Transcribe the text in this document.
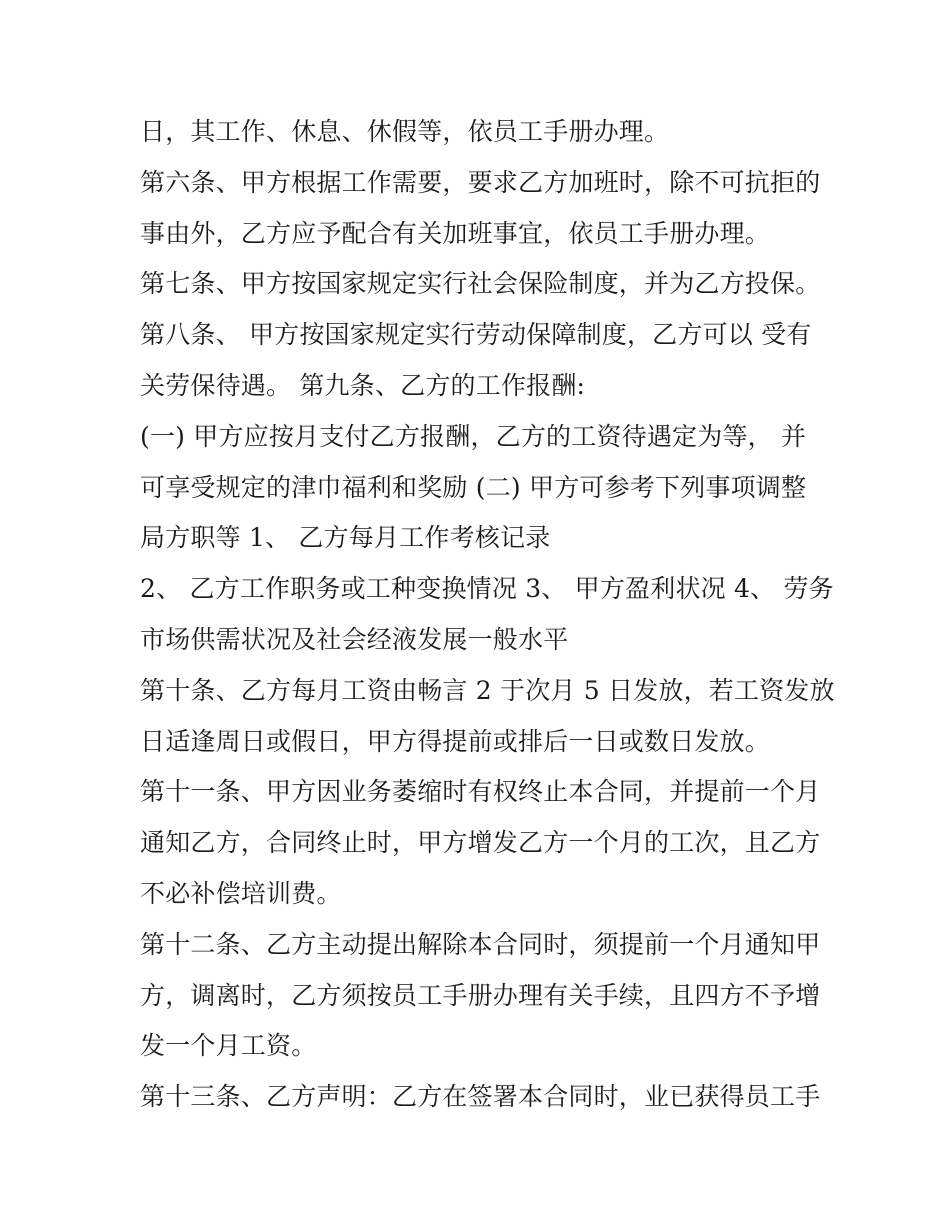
日，其工作、休息、休假等，依员工手册办理。
第六条、甲方根据工作需要，要求乙方加班时，除不可抗拒的
事由外，乙方应予配合有关加班事宜，依员工手册办理。
第七条、甲方按国家规定实行社会保险制度，并为乙方投保。
第八条、 甲方按国家规定实行劳动保障制度，乙方可以 受有
关劳保待遇。 第九条、乙方的工作报酬:
(一) 甲方应按月支付乙方报酬，乙方的工资待遇定为等， 并
可享受规定的津巾福利和奖励 (二) 甲方可参考下列事项调整
局方职等 1、 乙方每月工作考核记录
2、 乙方工作职务或工种变换情况 3、 甲方盈利状况 4、 劳务
市场供需状况及社会经液发展一般水平
第十条、乙方每月工资由畅言 2 于次月 5 日发放，若工资发放
日适逢周日或假日，甲方得提前或排后一日或数日发放。
第十一条、甲方因业务萎缩时有权终止本合同，并提前一个月
通知乙方，合同终止时，甲方增发乙方一个月的工次，且乙方
不必补偿培训费。
第十二条、乙方主动提出解除本合同时，须提前一个月通知甲
方，调离时，乙方须按员工手册办理有关手续，且四方不予增
发一个月工资。
第十三条、乙方声明：乙方在签署本合同时，业已获得员工手
